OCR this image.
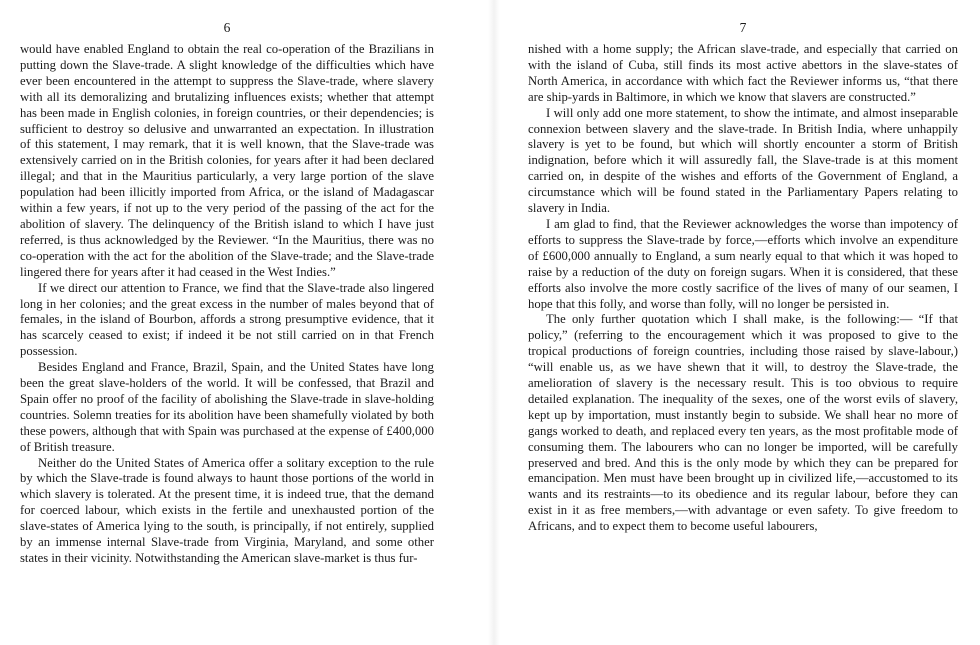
6

would have enabled England to obtain the real co-operation of the Brazilians in putting down the Slave-trade. A slight knowledge of the difficulties which have ever been encountered in the attempt to suppress the Slave-trade, where slavery with all its demoralizing and brutalizing influences exists; whether that attempt has been made in English colonies, in foreign countries, or their dependencies; is sufficient to destroy so delusive and unwarranted an expectation. In illustration of this statement, I may remark, that it is well known, that the Slave-trade was extensively carried on in the British colonies, for years after it had been declared illegal; and that in the Mauritius particularly, a very large portion of the slave population had been illicitly imported from Africa, or the island of Madagascar within a few years, if not up to the very period of the passing of the act for the abolition of slavery. The delinquency of the British island to which I have just referred, is thus acknowledged by the Reviewer. “In the Mauritius, there was no co-operation with the act for the abolition of the Slave-trade; and the Slave-trade lingered there for years after it had ceased in the West Indies.”

If we direct our attention to France, we find that the Slave-trade also lingered long in her colonies; and the great excess in the number of males beyond that of females, in the island of Bourbon, affords a strong presumptive evidence, that it has scarcely ceased to exist; if indeed it be not still carried on in that French possession.

Besides England and France, Brazil, Spain, and the United States have long been the great slave-holders of the world. It will be confessed, that Brazil and Spain offer no proof of the facility of abolishing the Slave-trade in slave-holding countries. Solemn treaties for its abolition have been shamefully violated by both these powers, although that with Spain was purchased at the expense of £400,000 of British treasure.

Neither do the United States of America offer a solitary exception to the rule by which the Slave-trade is found always to haunt those portions of the world in which slavery is tolerated. At the present time, it is indeed true, that the demand for coerced labour, which exists in the fertile and unexhausted portion of the slave-states of America lying to the south, is principally, if not entirely, supplied by an immense internal Slave-trade from Virginia, Maryland, and some other states in their vicinity. Notwithstanding the American slave-market is thus fur-

7

nished with a home supply; the African slave-trade, and especially that carried on with the island of Cuba, still finds its most active abettors in the slave-states of North America, in accordance with which fact the Reviewer informs us, “that there are ship-yards in Baltimore, in which we know that slavers are constructed.”

I will only add one more statement, to show the intimate, and almost inseparable connexion between slavery and the slave-trade. In British India, where unhappily slavery is yet to be found, but which will shortly encounter a storm of British indignation, before which it will assuredly fall, the Slave-trade is at this moment carried on, in despite of the wishes and efforts of the Government of England, a circumstance which will be found stated in the Parliamentary Papers relating to slavery in India.

I am glad to find, that the Reviewer acknowledges the worse than impotency of efforts to suppress the Slave-trade by force,—efforts which involve an expenditure of £600,000 annually to England, a sum nearly equal to that which it was hoped to raise by a reduction of the duty on foreign sugars. When it is considered, that these efforts also involve the more costly sacrifice of the lives of many of our seamen, I hope that this folly, and worse than folly, will no longer be persisted in.

The only further quotation which I shall make, is the following:— “If that policy,” (referring to the encouragement which it was proposed to give to the tropical productions of foreign countries, including those raised by slave-labour,) “will enable us, as we have shewn that it will, to destroy the Slave-trade, the amelioration of slavery is the necessary result. This is too obvious to require detailed explanation. The inequality of the sexes, one of the worst evils of slavery, kept up by importation, must instantly begin to subside. We shall hear no more of gangs worked to death, and replaced every ten years, as the most profitable mode of consuming them. The labourers who can no longer be imported, will be carefully preserved and bred. And this is the only mode by which they can be prepared for emancipation. Men must have been brought up in civilized life,—accustomed to its wants and its restraints—to its obedience and its regular labour, before they can exist in it as free members,—with advantage or even safety. To give freedom to Africans, and to expect them to become useful labourers,
